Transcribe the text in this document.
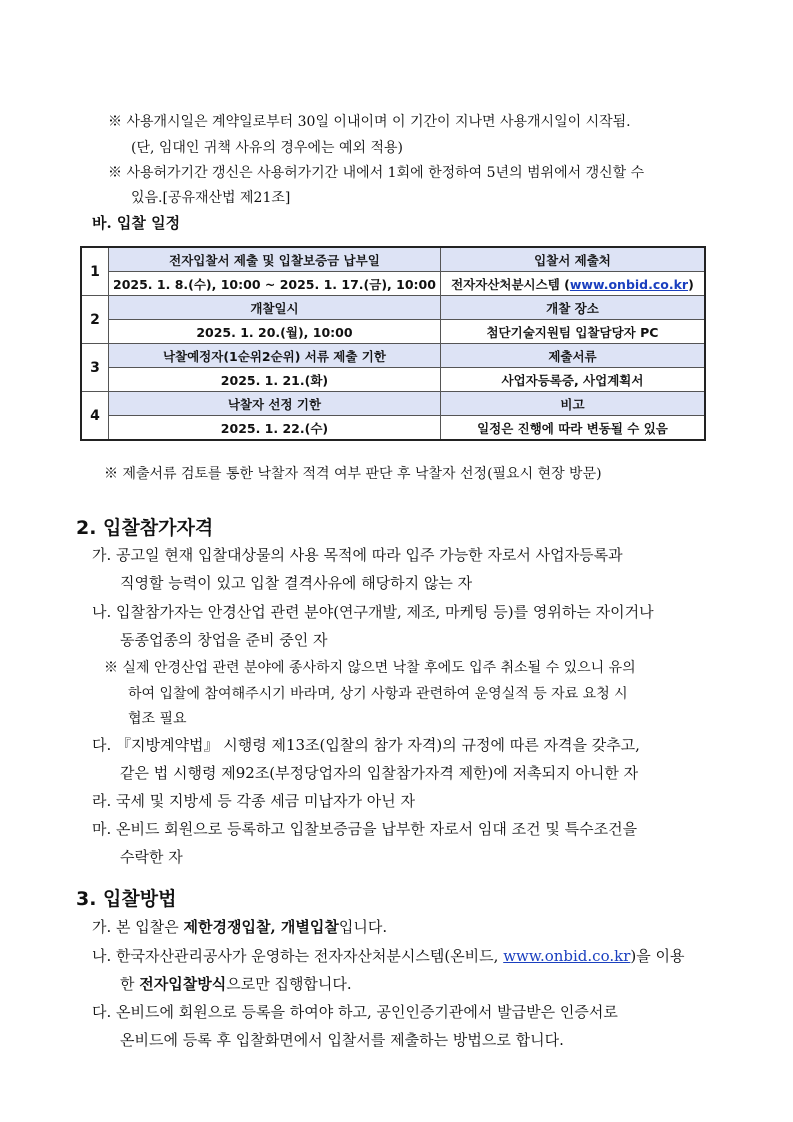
※ 사용개시일은 계약일로부터 30일 이내이며 이 기간이 지나면 사용개시일이 시작됨.
(단, 임대인 귀책 사유의 경우에는 예외 적용)
※ 사용허가기간 갱신은 사용허가기간 내에서 1회에 한정하여 5년의 범위에서 갱신할 수
있음.[공유재산법 제21조]
바. 입찰 일정
1	전자입찰서 제출 및 입찰보증금 납부일	입찰서 제출처
	2025. 1. 8.(수), 10:00 ~ 2025. 1. 17.(금), 10:00	전자자산처분시스템 (www.onbid.co.kr)
2	개찰일시	개찰 장소
	2025. 1. 20.(월), 10:00	첨단기술지원팀 입찰담당자 PC
3	낙찰예정자(1순위2순위) 서류 제출 기한	제출서류
	2025. 1. 21.(화)	사업자등록증, 사업계획서
4	낙찰자 선정 기한	비고
	2025. 1. 22.(수)	일정은 진행에 따라 변동될 수 있음
※ 제출서류 검토를 통한 낙찰자 적격 여부 판단 후 낙찰자 선정(필요시 현장 방문)
2. 입찰참가자격
가. 공고일 현재 입찰대상물의 사용 목적에 따라 입주 가능한 자로서 사업자등록과
직영할 능력이 있고 입찰 결격사유에 해당하지 않는 자
나. 입찰참가자는 안경산업 관련 분야(연구개발, 제조, 마케팅 등)를 영위하는 자이거나
동종업종의 창업을 준비 중인 자
※ 실제 안경산업 관련 분야에 종사하지 않으면 낙찰 후에도 입주 취소될 수 있으니 유의
하여 입찰에 참여해주시기 바라며, 상기 사항과 관련하여 운영실적 등 자료 요청 시
협조 필요
다. 『지방계약법』 시행령 제13조(입찰의 참가 자격)의 규정에 따른 자격을 갖추고,
같은 법 시행령 제92조(부정당업자의 입찰참가자격 제한)에 저촉되지 아니한 자
라. 국세 및 지방세 등 각종 세금 미납자가 아닌 자
마. 온비드 회원으로 등록하고 입찰보증금을 납부한 자로서 임대 조건 및 특수조건을
수락한 자
3. 입찰방법
가. 본 입찰은 제한경쟁입찰, 개별입찰입니다.
나. 한국자산관리공사가 운영하는 전자자산처분시스템(온비드, www.onbid.co.kr)을 이용
한 전자입찰방식으로만 집행합니다.
다. 온비드에 회원으로 등록을 하여야 하고, 공인인증기관에서 발급받은 인증서로
온비드에 등록 후 입찰화면에서 입찰서를 제출하는 방법으로 합니다.
